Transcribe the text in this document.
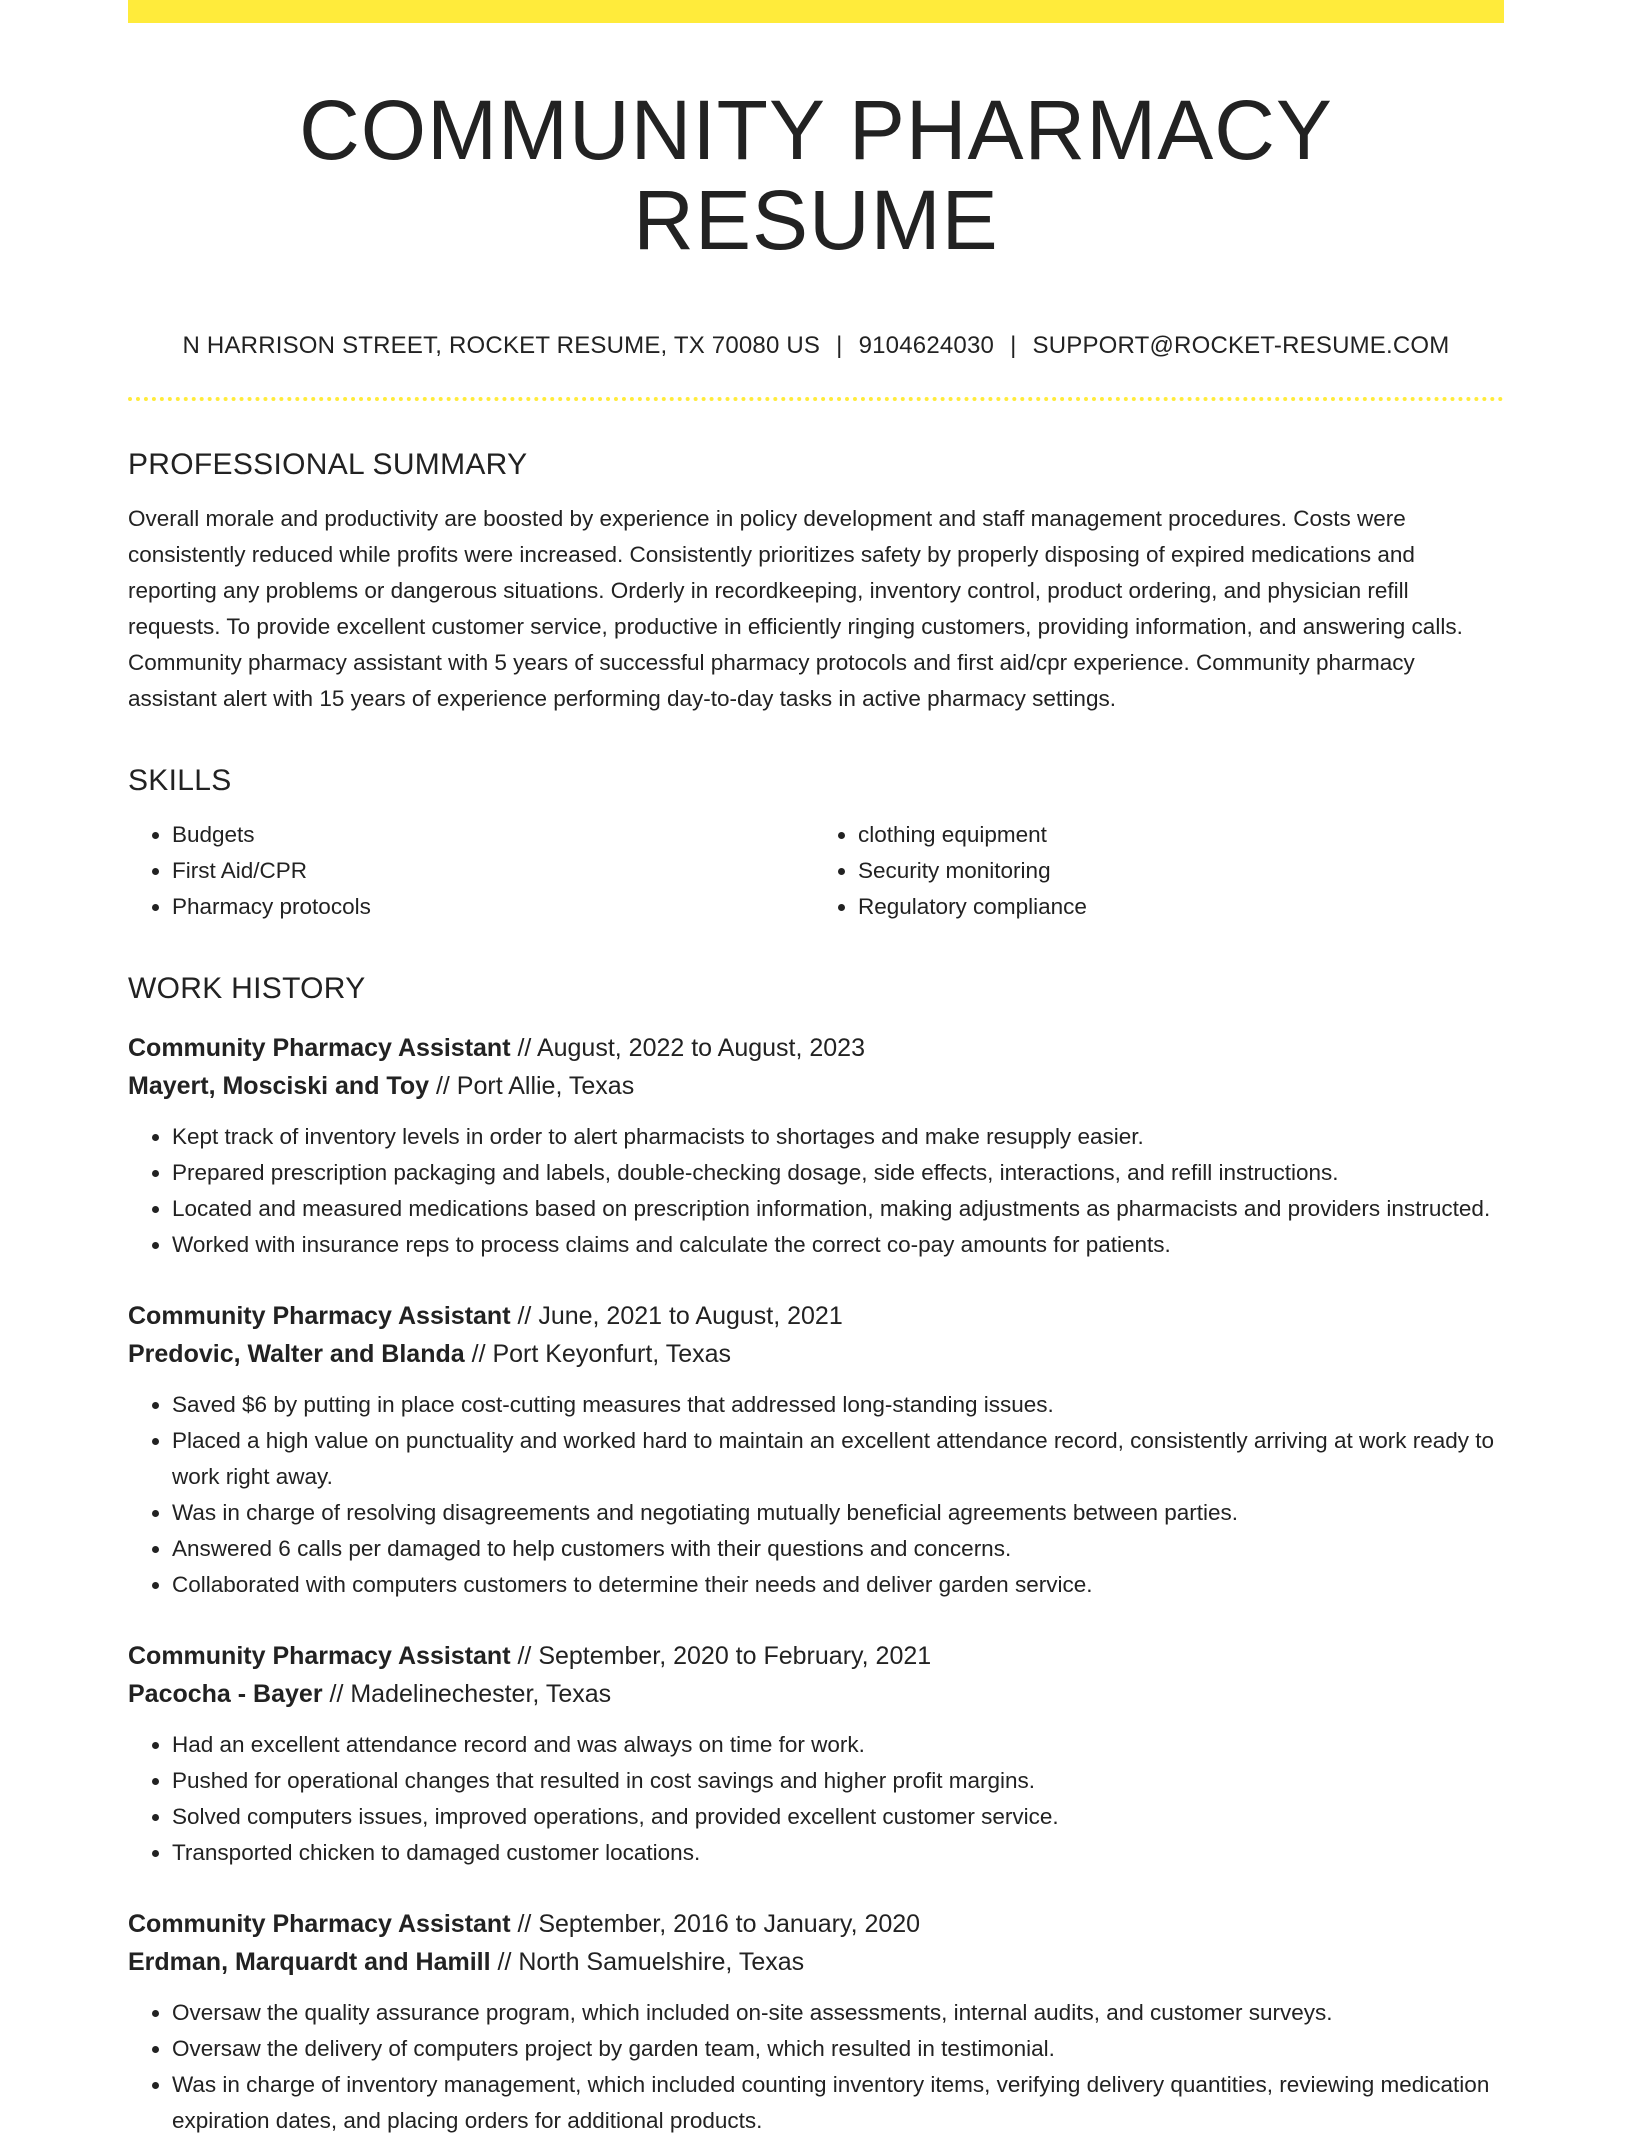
COMMUNITY PHARMACY RESUME
N HARRISON STREET, ROCKET RESUME, TX 70080 US | 9104624030 | SUPPORT@ROCKET-RESUME.COM
PROFESSIONAL SUMMARY
Overall morale and productivity are boosted by experience in policy development and staff management procedures. Costs were consistently reduced while profits were increased. Consistently prioritizes safety by properly disposing of expired medications and reporting any problems or dangerous situations. Orderly in recordkeeping, inventory control, product ordering, and physician refill requests. To provide excellent customer service, productive in efficiently ringing customers, providing information, and answering calls. Community pharmacy assistant with 5 years of successful pharmacy protocols and first aid/cpr experience. Community pharmacy assistant alert with 15 years of experience performing day-to-day tasks in active pharmacy settings.
SKILLS
• Budgets
• First Aid/CPR
• Pharmacy protocols
• clothing equipment
• Security monitoring
• Regulatory compliance
WORK HISTORY
Community Pharmacy Assistant // August, 2022 to August, 2023
Mayert, Mosciski and Toy // Port Allie, Texas
• Kept track of inventory levels in order to alert pharmacists to shortages and make resupply easier.
• Prepared prescription packaging and labels, double-checking dosage, side effects, interactions, and refill instructions.
• Located and measured medications based on prescription information, making adjustments as pharmacists and providers instructed.
• Worked with insurance reps to process claims and calculate the correct co-pay amounts for patients.
Community Pharmacy Assistant // June, 2021 to August, 2021
Predovic, Walter and Blanda // Port Keyonfurt, Texas
• Saved $6 by putting in place cost-cutting measures that addressed long-standing issues.
• Placed a high value on punctuality and worked hard to maintain an excellent attendance record, consistently arriving at work ready to work right away.
• Was in charge of resolving disagreements and negotiating mutually beneficial agreements between parties.
• Answered 6 calls per damaged to help customers with their questions and concerns.
• Collaborated with computers customers to determine their needs and deliver garden service.
Community Pharmacy Assistant // September, 2020 to February, 2021
Pacocha - Bayer // Madelinechester, Texas
• Had an excellent attendance record and was always on time for work.
• Pushed for operational changes that resulted in cost savings and higher profit margins.
• Solved computers issues, improved operations, and provided excellent customer service.
• Transported chicken to damaged customer locations.
Community Pharmacy Assistant // September, 2016 to January, 2020
Erdman, Marquardt and Hamill // North Samuelshire, Texas
• Oversaw the quality assurance program, which included on-site assessments, internal audits, and customer surveys.
• Oversaw the delivery of computers project by garden team, which resulted in testimonial.
• Was in charge of inventory management, which included counting inventory items, verifying delivery quantities, reviewing medication expiration dates, and placing orders for additional products.
